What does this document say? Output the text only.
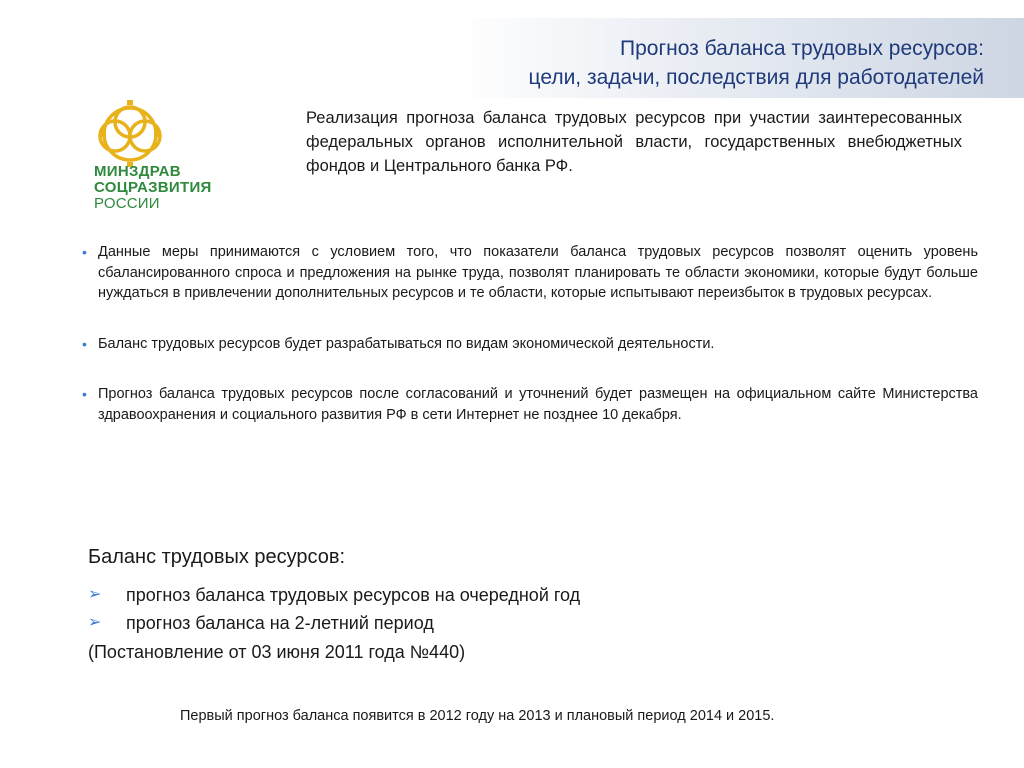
Прогноз баланса трудовых ресурсов:
цели, задачи, последствия для работодателей
МИНЗДРАВ
СОЦРАЗВИТИЯ
РОССИИ
Реализация прогноза баланса трудовых ресурсов при участии заинтересованных федеральных органов исполнительной власти, государственных внебюджетных фондов и Центрального банка РФ.
• Данные меры принимаются с условием того, что показатели баланса трудовых ресурсов позволят оценить уровень сбалансированного спроса и предложения на рынке труда, позволят планировать те области экономики, которые будут больше нуждаться в привлечении дополнительных ресурсов и те области, которые испытывают переизбыток в трудовых ресурсах.
• Баланс трудовых ресурсов будет разрабатываться по видам экономической деятельности.
• Прогноз баланса трудовых ресурсов после согласований и уточнений будет размещен на официальном сайте Министерства здравоохранения и социального развития РФ в сети Интернет не позднее 10 декабря.
Баланс трудовых ресурсов:
➢ прогноз баланса трудовых ресурсов на очередной год
➢ прогноз баланса на 2-летний период
(Постановление от 03 июня 2011 года №440)
Первый прогноз баланса появится в 2012 году на 2013 и плановый период 2014 и 2015.
